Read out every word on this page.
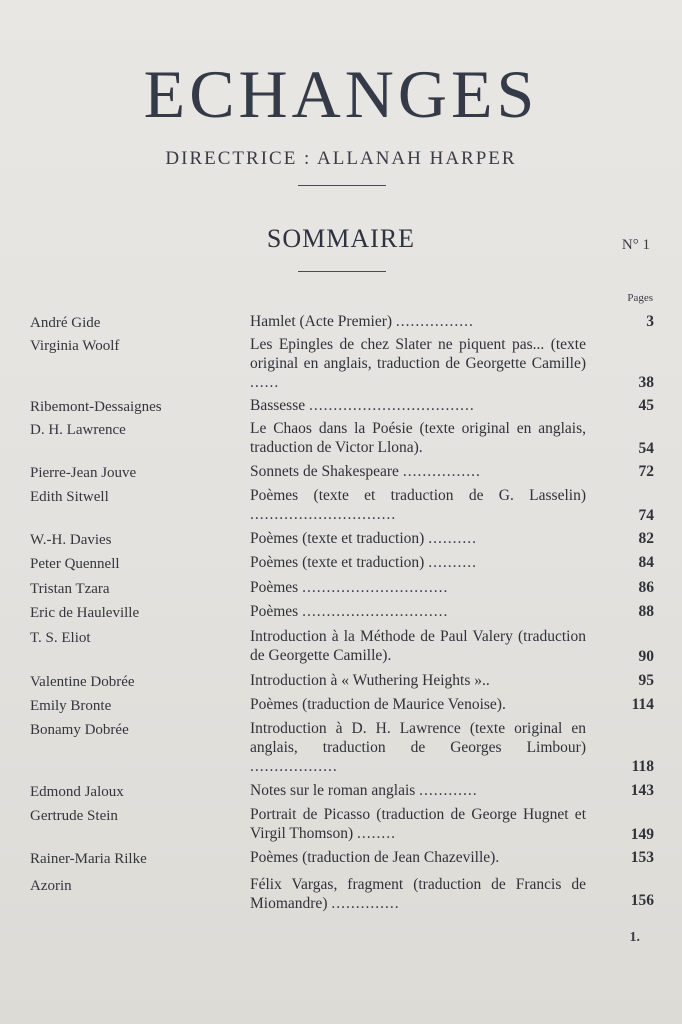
ECHANGES
DIRECTRICE : ALLANAH HARPER
SOMMAIRE	N° 1
Pages
André Gide	Hamlet (Acte Premier) ................	3
Virginia Woolf	Les Epingles de chez Slater ne piquent pas... (texte original en anglais, traduction de Georgette Camille) ......	38
Ribemont-Dessaignes	Bassesse ..................................	45
D. H. Lawrence	Le Chaos dans la Poésie (texte original en anglais, traduction de Victor Llona).	54
Pierre-Jean Jouve	Sonnets de Shakespeare ................	72
Edith Sitwell	Poèmes (texte et traduction de G. Lasselin) ..............................	74
W.-H. Davies	Poèmes (texte et traduction) ..........	82
Peter Quennell	Poèmes (texte et traduction) ..........	84
Tristan Tzara	Poèmes ..............................	86
Eric de Hauleville	Poèmes ..............................	88
T. S. Eliot	Introduction à la Méthode de Paul Valery (traduction de Georgette Camille).	90
Valentine Dobrée	Introduction à « Wuthering Heights »..	95
Emily Bronte	Poèmes (traduction de Maurice Venoise).	114
Bonamy Dobrée	Introduction à D. H. Lawrence (texte original en anglais, traduction de Georges Limbour) ..................	118
Edmond Jaloux	Notes sur le roman anglais ............	143
Gertrude Stein	Portrait de Picasso (traduction de George Hugnet et Virgil Thomson) ........	149
Rainer-Maria Rilke	Poèmes (traduction de Jean Chazeville).	153
Azorin	Félix Vargas, fragment (traduction de Francis de Miomandre) ..............	156
1.
